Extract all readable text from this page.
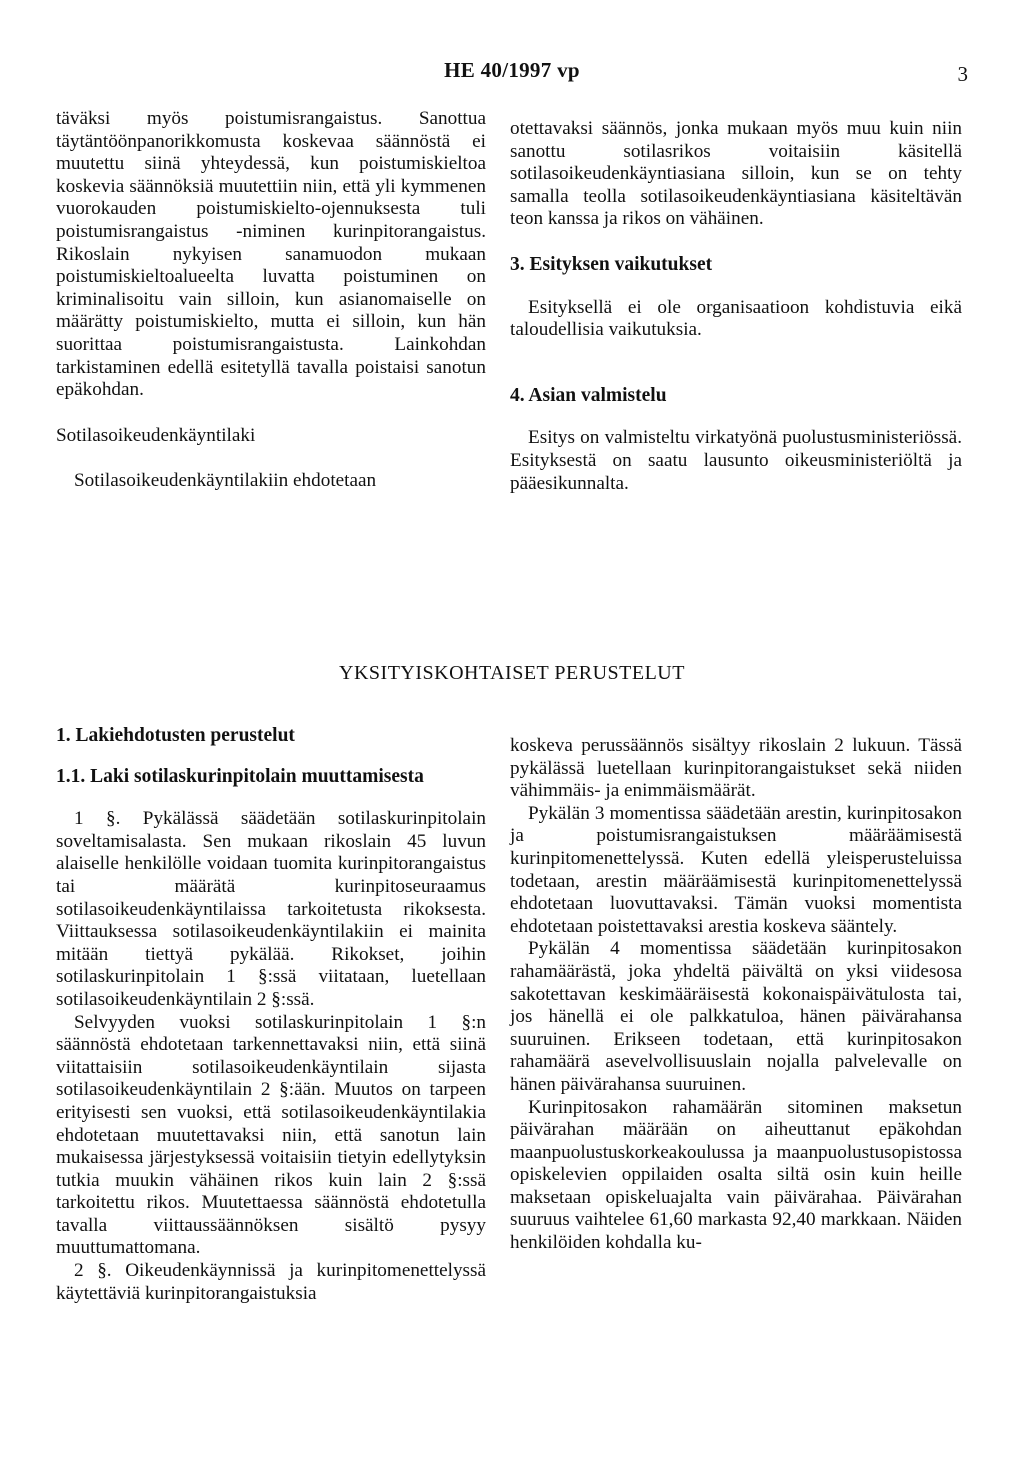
HE 40/1997 vp	3

täväksi myös poistumisrangaistus. Sanottua täytäntöönpanorikkomusta koskevaa säännöstä ei muutettu siinä yhteydessä, kun poistumiskieltoa koskevia säännöksiä muutettiin niin, että yli kymmenen vuorokauden poistumiskielto-ojennuksesta tuli poistumisrangaistus -niminen kurinpitorangaistus. Rikoslain nykyisen sanamuodon mukaan poistumiskieltoalueelta luvatta poistuminen on kriminalisoitu vain silloin, kun asianomaiselle on määrätty poistumiskielto, mutta ei silloin, kun hän suorittaa poistumisrangaistusta. Lainkohdan tarkistaminen edellä esitetyllä tavalla poistaisi sanotun epäkohdan.

Sotilasoikeudenkäyntilaki

Sotilasoikeudenkäyntilakiin ehdotetaan

otettavaksi säännös, jonka mukaan myös muu kuin niin sanottu sotilasrikos voitaisiin käsitellä sotilasoikeudenkäyntiasiana silloin, kun se on tehty samalla teolla sotilasoikeudenkäyntiasiana käsiteltävän teon kanssa ja rikos on vähäinen.

3. Esityksen vaikutukset

Esityksellä ei ole organisaatioon kohdistuvia eikä taloudellisia vaikutuksia.

4. Asian valmistelu

Esitys on valmisteltu virkatyönä puolustusministeriössä. Esityksestä on saatu lausunto oikeusministeriöltä ja pääesikunnalta.

YKSITYISKOHTAISET PERUSTELUT

1. Lakiehdotusten perustelut

1.1. Laki sotilaskurinpitolain muuttamisesta

1 §. Pykälässä säädetään sotilaskurinpitolain soveltamisalasta. Sen mukaan rikoslain 45 luvun alaiselle henkilölle voidaan tuomita kurinpitorangaistus tai määrätä kurinpitoseuraamus sotilasoikeudenkäyntilaissa tarkoitetusta rikoksesta. Viittauksessa sotilasoikeudenkäyntilakiin ei mainita mitään tiettyä pykälää. Rikokset, joihin sotilaskurinpitolain 1 §:ssä viitataan, luetellaan sotilasoikeudenkäyntilain 2 §:ssä.

Selvyyden vuoksi sotilaskurinpitolain 1 §:n säännöstä ehdotetaan tarkennettavaksi niin, että siinä viitattaisiin sotilasoikeudenkäyntilain sijasta sotilasoikeudenkäyntilain 2 §:ään. Muutos on tarpeen erityisesti sen vuoksi, että sotilasoikeudenkäyntilakia ehdotetaan muutettavaksi niin, että sanotun lain mukaisessa järjestyksessä voitaisiin tietyin edellytyksin tutkia muukin vähäinen rikos kuin lain 2 §:ssä tarkoitettu rikos. Muutettaessa säännöstä ehdotetulla tavalla viittaussäännöksen sisältö pysyy muuttumattomana.

2 §. Oikeudenkäynnissä ja kurinpitomenettelyssä käytettäviä kurinpitorangaistuksia

koskeva perussäännös sisältyy rikoslain 2 lukuun. Tässä pykälässä luetellaan kurinpitorangaistukset sekä niiden vähimmäis- ja enimmäismäärät.

Pykälän 3 momentissa säädetään arestin, kurinpitosakon ja poistumisrangaistuksen määräämisestä kurinpitomenettelyssä. Kuten edellä yleisperusteluissa todetaan, arestin määräämisestä kurinpitomenettelyssä ehdotetaan luovuttavaksi. Tämän vuoksi momentista ehdotetaan poistettavaksi arestia koskeva sääntely.

Pykälän 4 momentissa säädetään kurinpitosakon rahamäärästä, joka yhdeltä päivältä on yksi viidesosa sakotettavan keskimääräisestä kokonaispäivätulosta tai, jos hänellä ei ole palkkatuloa, hänen päivärahansa suuruinen. Erikseen todetaan, että kurinpitosakon rahamäärä asevelvollisuuslain nojalla palvelevalle on hänen päivärahansa suuruinen.

Kurinpitosakon rahamäärän sitominen maksetun päivärahan määrään on aiheuttanut epäkohdan maanpuolustuskorkeakoulussa ja maanpuolustusopistossa opiskelevien oppilaiden osalta siltä osin kuin heille maksetaan opiskeluajalta vain päivärahaa. Päivärahan suuruus vaihtelee 61,60 markasta 92,40 markkaan. Näiden henkilöiden kohdalla ku-
